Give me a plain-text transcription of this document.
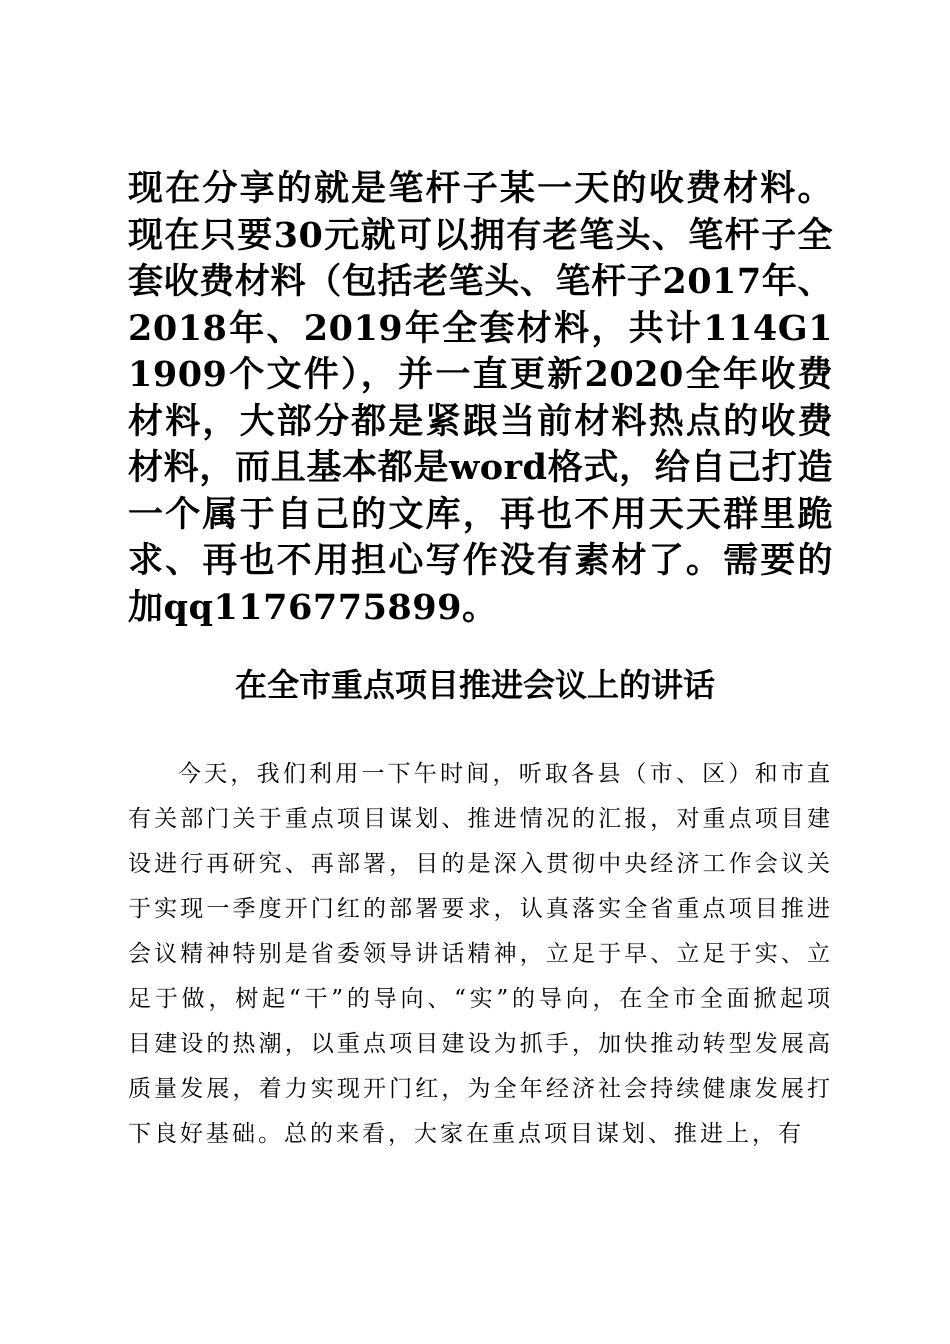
现在分享的就是笔杆子某一天的收费材料。现在只要30元就可以拥有老笔头、笔杆子全套收费材料（包括老笔头、笔杆子2017年、2018年、2019年全套材料，共计114G11909个文件），并一直更新2020全年收费材料，大部分都是紧跟当前材料热点的收费材料，而且基本都是word格式，给自己打造一个属于自己的文库，再也不用天天群里跪求、再也不用担心写作没有素材了。需要的加qq1176775899。
在全市重点项目推进会议上的讲话
今天，我们利用一下午时间，听取各县（市、区）和市直有关部门关于重点项目谋划、推进情况的汇报，对重点项目建设进行再研究、再部署，目的是深入贯彻中央经济工作会议关于实现一季度开门红的部署要求，认真落实全省重点项目推进会议精神特别是省委领导讲话精神，立足于早、立足于实、立足于做，树起“干”的导向、“实”的导向，在全市全面掀起项目建设的热潮，以重点项目建设为抓手，加快推动转型发展高质量发展，着力实现开门红，为全年经济社会持续健康发展打下良好基础。总的来看，大家在重点项目谋划、推进上，有
